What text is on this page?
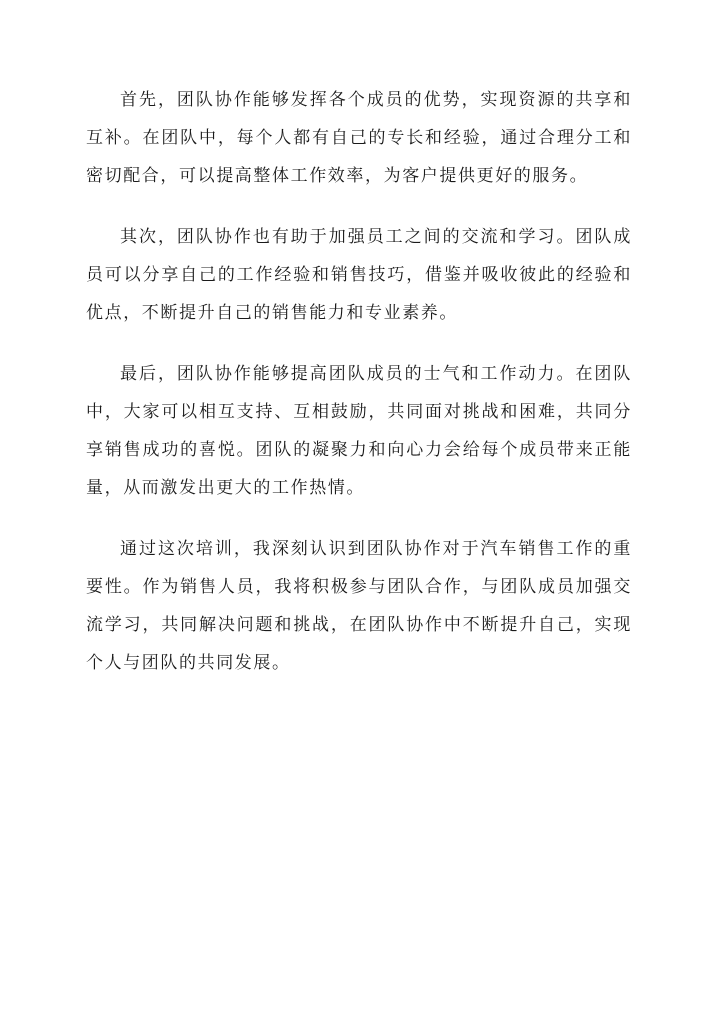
首先，团队协作能够发挥各个成员的优势，实现资源的共享和互补。在团队中，每个人都有自己的专长和经验，通过合理分工和密切配合，可以提高整体工作效率，为客户提供更好的服务。

其次，团队协作也有助于加强员工之间的交流和学习。团队成员可以分享自己的工作经验和销售技巧，借鉴并吸收彼此的经验和优点，不断提升自己的销售能力和专业素养。

最后，团队协作能够提高团队成员的士气和工作动力。在团队中，大家可以相互支持、互相鼓励，共同面对挑战和困难，共同分享销售成功的喜悦。团队的凝聚力和向心力会给每个成员带来正能量，从而激发出更大的工作热情。

通过这次培训，我深刻认识到团队协作对于汽车销售工作的重要性。作为销售人员，我将积极参与团队合作，与团队成员加强交流学习，共同解决问题和挑战，在团队协作中不断提升自己，实现个人与团队的共同发展。
